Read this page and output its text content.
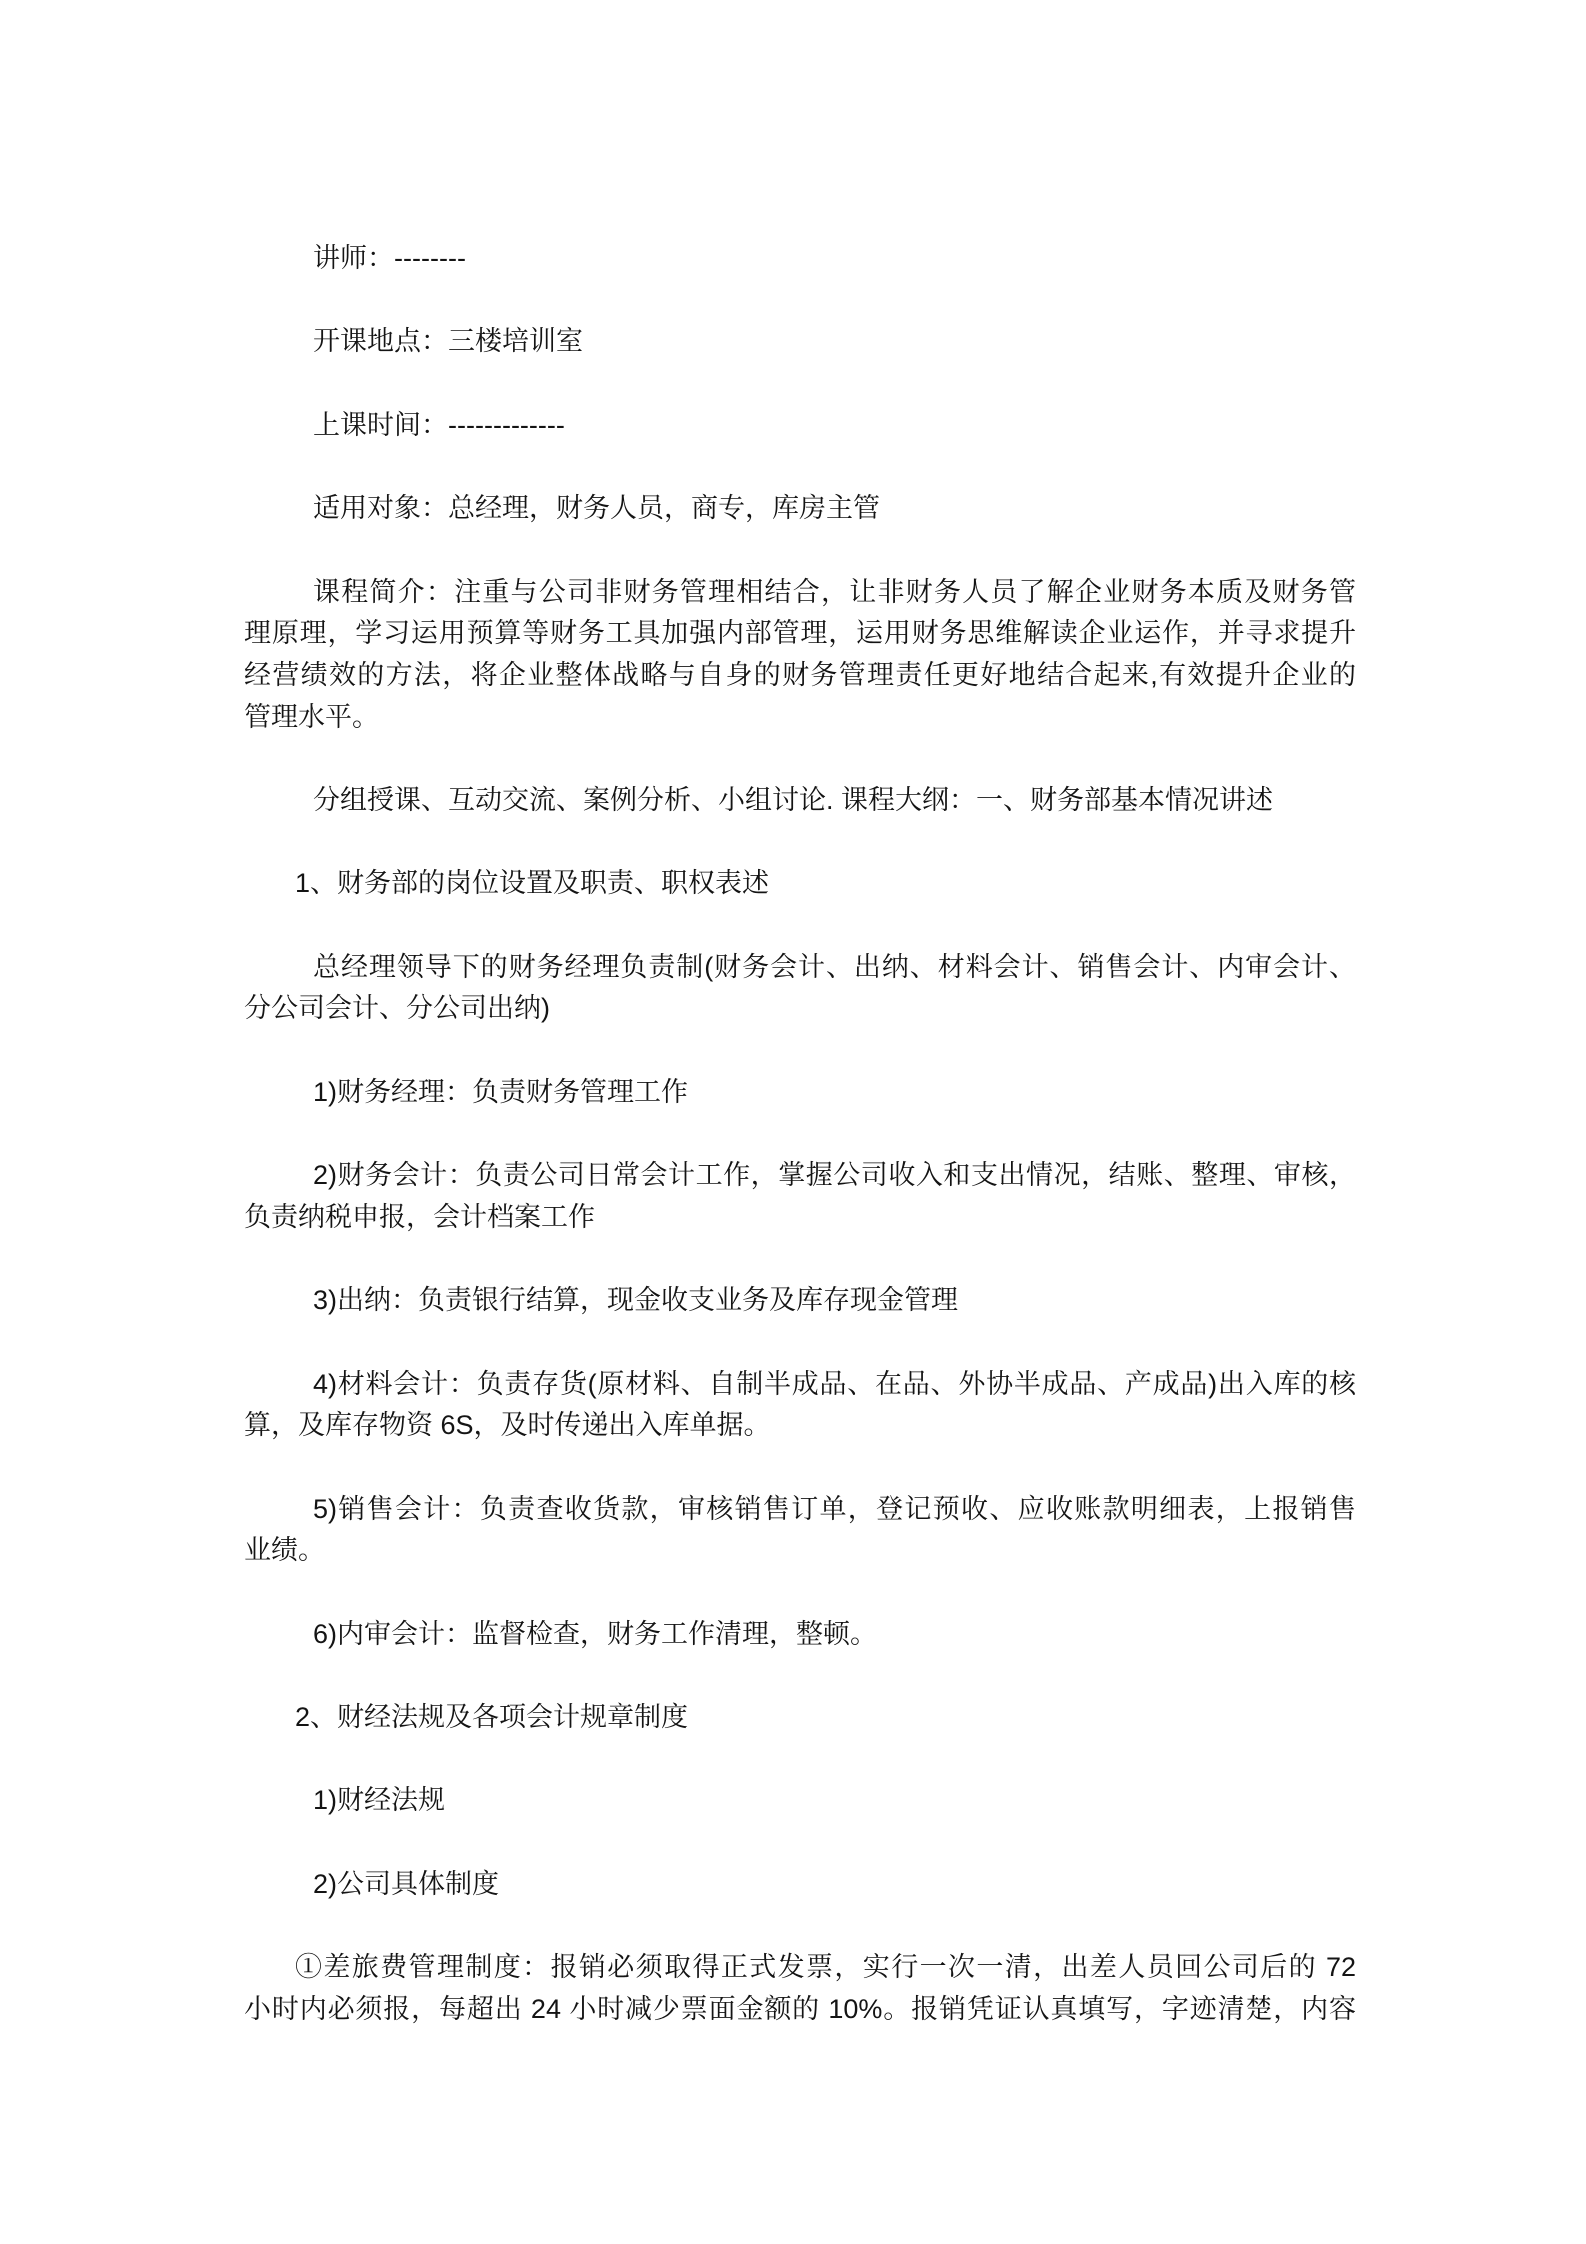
讲师：--------
开课地点：三楼培训室
上课时间：-------------
适用对象：总经理，财务人员，商专，库房主管
课程简介：注重与公司非财务管理相结合，让非财务人员了解企业财务本质及财务管
理原理，学习运用预算等财务工具加强内部管理，运用财务思维解读企业运作，并寻求提升
经营绩效的方法，将企业整体战略与自身的财务管理责任更好地结合起来,有效提升企业的
管理水平。
分组授课、互动交流、案例分析、小组讨论. 课程大纲：一、财务部基本情况讲述
1、财务部的岗位设置及职责、职权表述
总经理领导下的财务经理负责制(财务会计、出纳、材料会计、销售会计、内审会计、
分公司会计、分公司出纳)
1)财务经理：负责财务管理工作
2)财务会计：负责公司日常会计工作，掌握公司收入和支出情况，结账、整理、审核，
负责纳税申报，会计档案工作
3)出纳：负责银行结算，现金收支业务及库存现金管理
4)材料会计：负责存货(原材料、自制半成品、在品、外协半成品、产成品)出入库的核
算，及库存物资 6S，及时传递出入库单据。
5)销售会计：负责查收货款，审核销售订单，登记预收、应收账款明细表，上报销售
业绩。
6)内审会计：监督检查，财务工作清理，整顿。
2、财经法规及各项会计规章制度
1)财经法规
2)公司具体制度
①差旅费管理制度：报销必须取得正式发票，实行一次一清，出差人员回公司后的 72
小时内必须报，每超出 24 小时减少票面金额的 10%。报销凭证认真填写，字迹清楚，内容
